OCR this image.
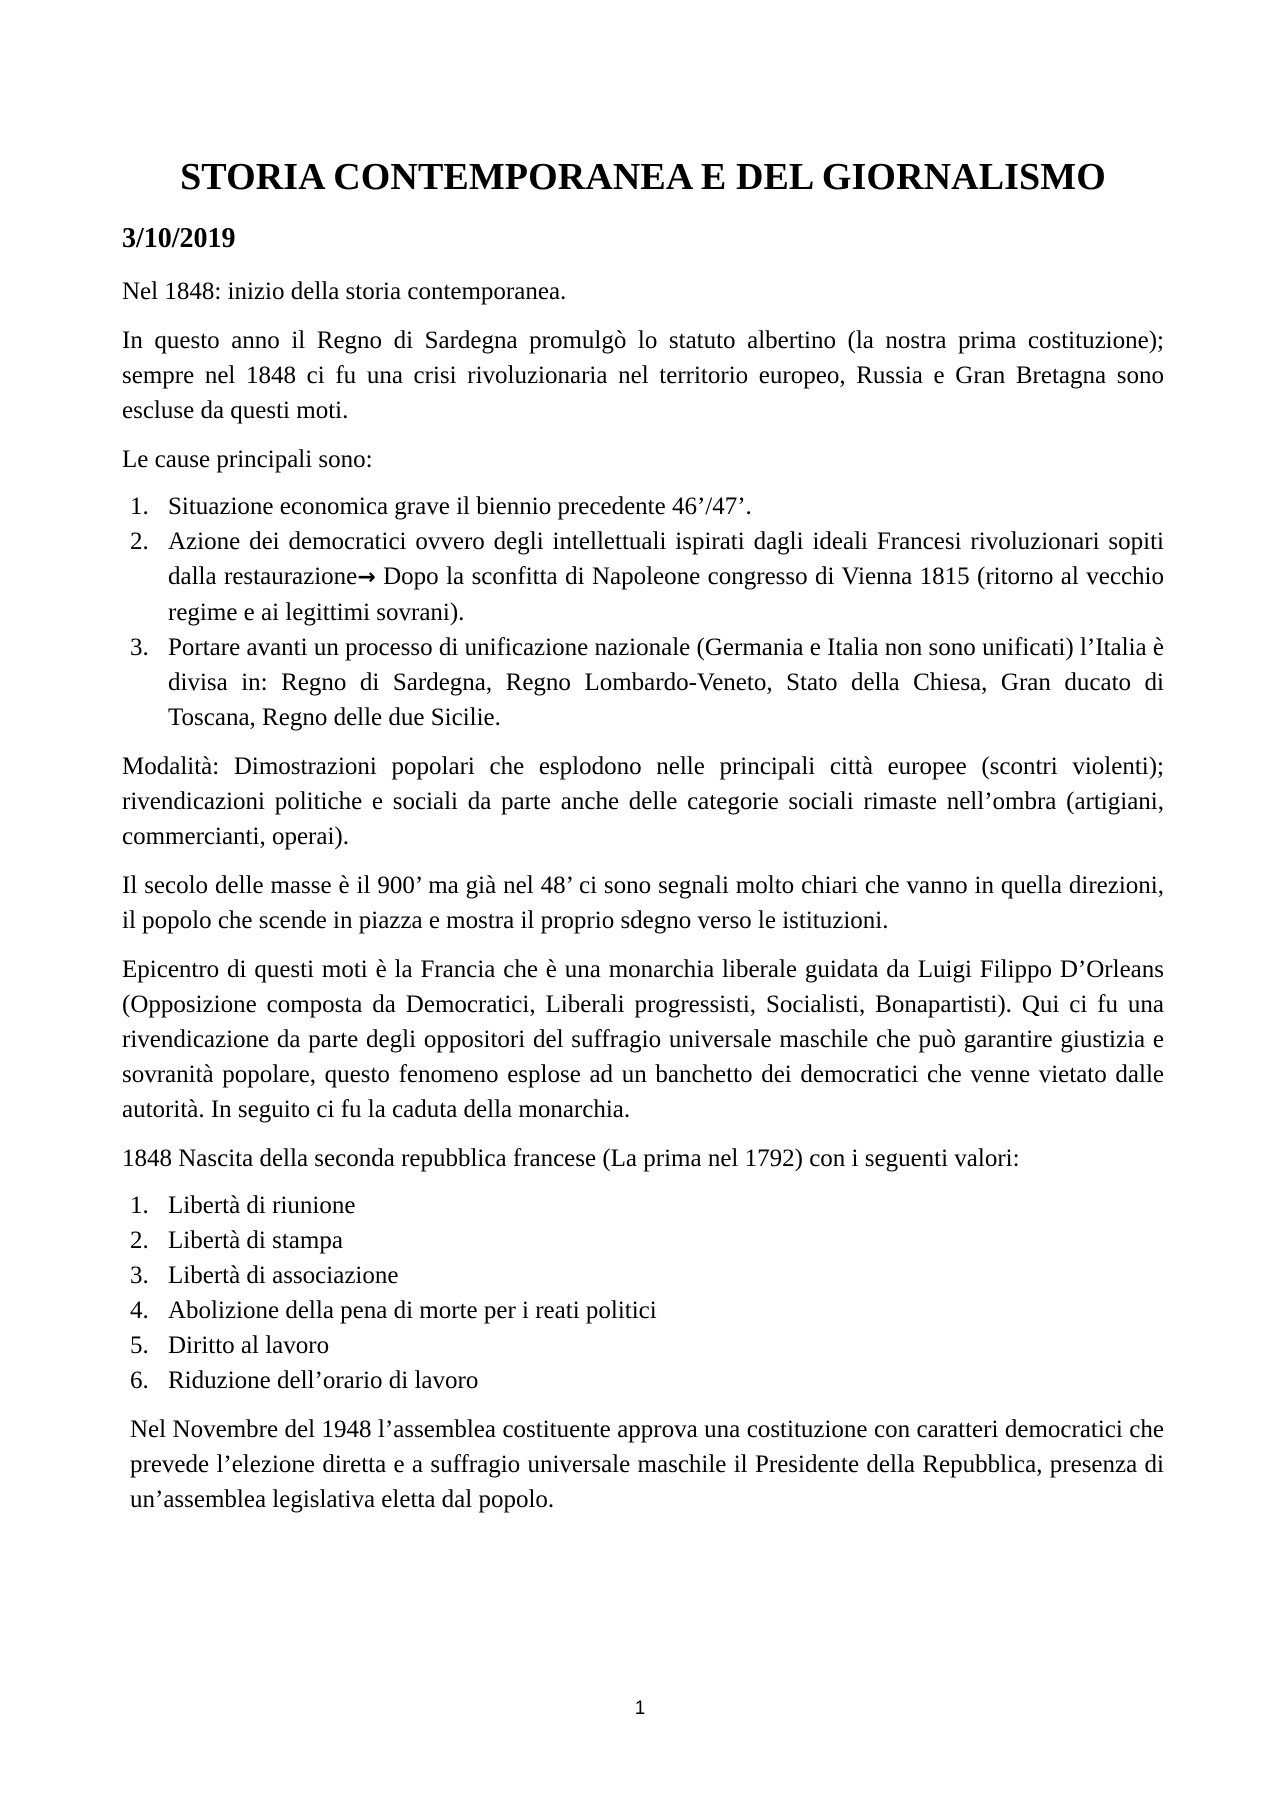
STORIA CONTEMPORANEA E DEL GIORNALISMO
3/10/2019

Nel 1848: inizio della storia contemporanea.

In questo anno il Regno di Sardegna promulgò lo statuto albertino (la nostra prima costituzione); sempre nel 1848 ci fu una crisi rivoluzionaria nel territorio europeo, Russia e Gran Bretagna sono escluse da questi moti.

Le cause principali sono:

1. Situazione economica grave il biennio precedente 46’/47’.
2. Azione dei democratici ovvero degli intellettuali ispirati dagli ideali Francesi rivoluzionari sopiti dalla restaurazione→ Dopo la sconfitta di Napoleone congresso di Vienna 1815 (ritorno al vecchio regime e ai legittimi sovrani).
3. Portare avanti un processo di unificazione nazionale (Germania e Italia non sono unificati) l’Italia è divisa in: Regno di Sardegna, Regno Lombardo-Veneto, Stato della Chiesa, Gran ducato di Toscana, Regno delle due Sicilie.

Modalità: Dimostrazioni popolari che esplodono nelle principali città europee (scontri violenti); rivendicazioni politiche e sociali da parte anche delle categorie sociali rimaste nell’ombra (artigiani, commercianti, operai).

Il secolo delle masse è il 900’ ma già nel 48’ ci sono segnali molto chiari che vanno in quella direzioni, il popolo che scende in piazza e mostra il proprio sdegno verso le istituzioni.

Epicentro di questi moti è la Francia che è una monarchia liberale guidata da Luigi Filippo D’Orleans (Opposizione composta da Democratici, Liberali progressisti, Socialisti, Bonapartisti). Qui ci fu una rivendicazione da parte degli oppositori del suffragio universale maschile che può garantire giustizia e sovranità popolare, questo fenomeno esplose ad un banchetto dei democratici che venne vietato dalle autorità. In seguito ci fu la caduta della monarchia.

1848 Nascita della seconda repubblica francese (La prima nel 1792) con i seguenti valori:

1. Libertà di riunione
2. Libertà di stampa
3. Libertà di associazione
4. Abolizione della pena di morte per i reati politici
5. Diritto al lavoro
6. Riduzione dell’orario di lavoro

Nel Novembre del 1948 l’assemblea costituente approva una costituzione con caratteri democratici che prevede l’elezione diretta e a suffragio universale maschile il Presidente della Repubblica, presenza di un’assemblea legislativa eletta dal popolo.

1
